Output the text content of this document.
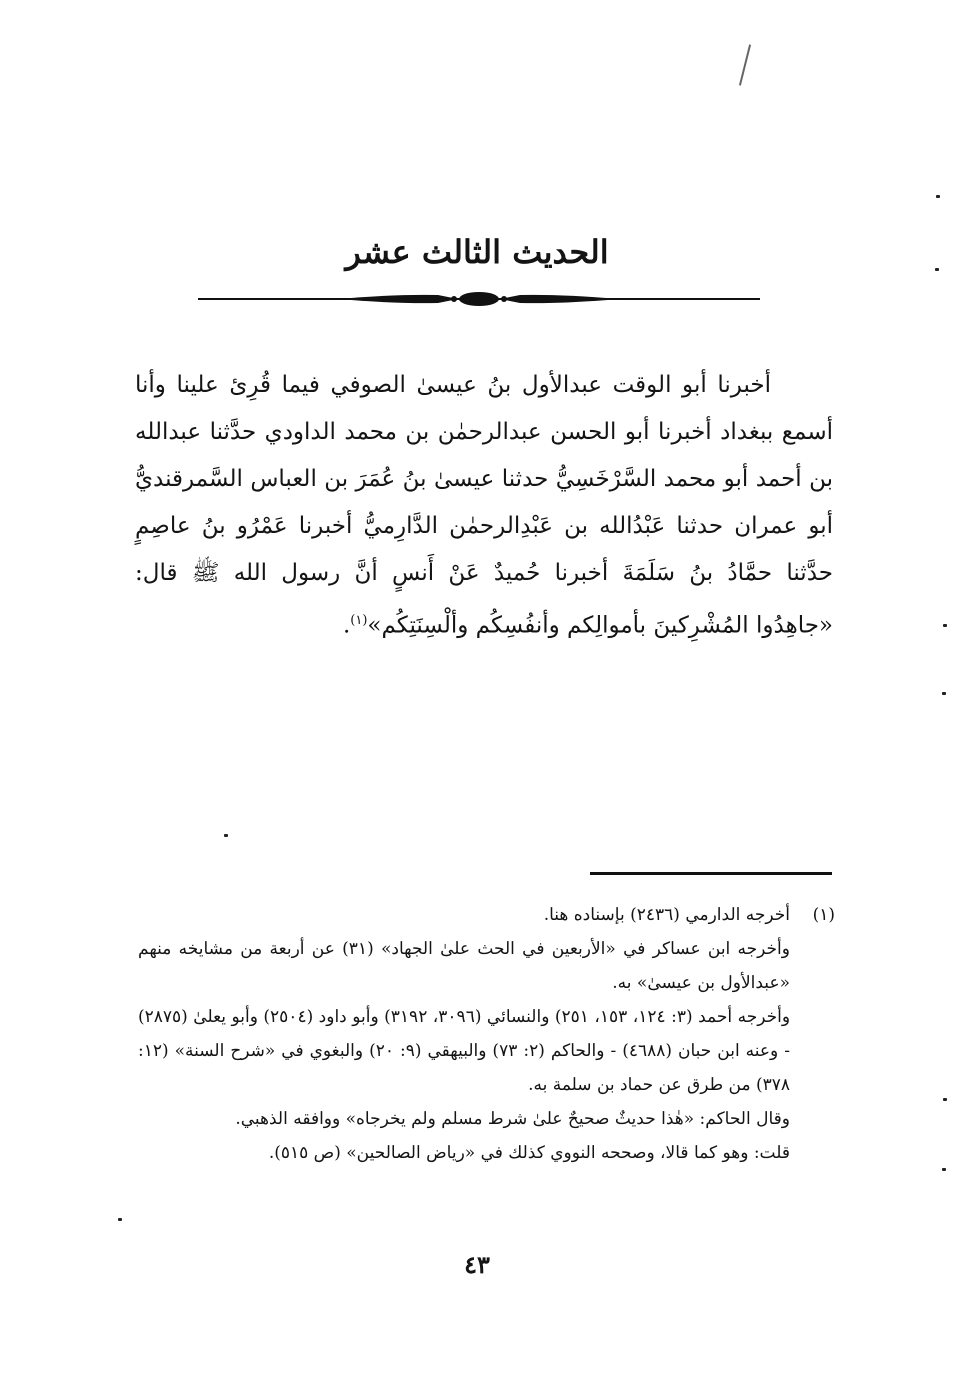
الحديث الثالث عشر

أخبرنا أبو الوقت عبدالأول بنُ عيسىٰ الصوفي فيما قُرِئ علينا وأنا أسمع ببغداد أخبرنا أبو الحسن عبدالرحمٰن بن محمد الداودي حدَّثنا عبدالله بن أحمد أبو محمد السَّرْخَسِيُّ حدثنا عيسىٰ بنُ عُمَرَ بن العباس السَّمرقنديُّ أبو عمران حدثنا عَبْدُالله بن عَبْدِالرحمٰن الدَّارِميُّ أخبرنا عَمْرُو بنُ عاصِمٍ حدَّثنا حمَّادُ بنُ سَلَمَةَ أخبرنا حُميدٌ عَنْ أَنسٍ أنَّ رسول الله ﷺ قال: «جاهِدُوا المُشْرِكينَ بأموالِكم وأنفُسِكُم وألْسِنَتِكُم»$^{(١)}$.

(١)أخرجه الدارمي (٢٤٣٦) بإسناده هنا.

وأخرجه ابن عساكر في «الأربعين في الحث علىٰ الجهاد» (٣١) عن أربعة من مشايخه منهم «عبدالأول بن عيسىٰ» به.

وأخرجه أحمد (٣: ١٢٤، ١٥٣، ٢٥١) والنسائي (٣٠٩٦، ٣١٩٢) وأبو داود (٢٥٠٤) وأبو يعلىٰ (٢٨٧٥) - وعنه ابن حبان (٤٦٨٨) - والحاكم (٢: ٧٣) والبيهقي (٩: ٢٠) والبغوي في «شرح السنة» (١٢: ٣٧٨) من طرق عن حماد بن سلمة به.

وقال الحاكم: «هٰذا حديثٌ صحيحٌ علىٰ شرط مسلم ولم يخرجاه» ووافقه الذهبي.

قلت: وهو كما قالا، وصححه النووي كذلك في «رياض الصالحين» (ص ٥١٥).

٤٣
